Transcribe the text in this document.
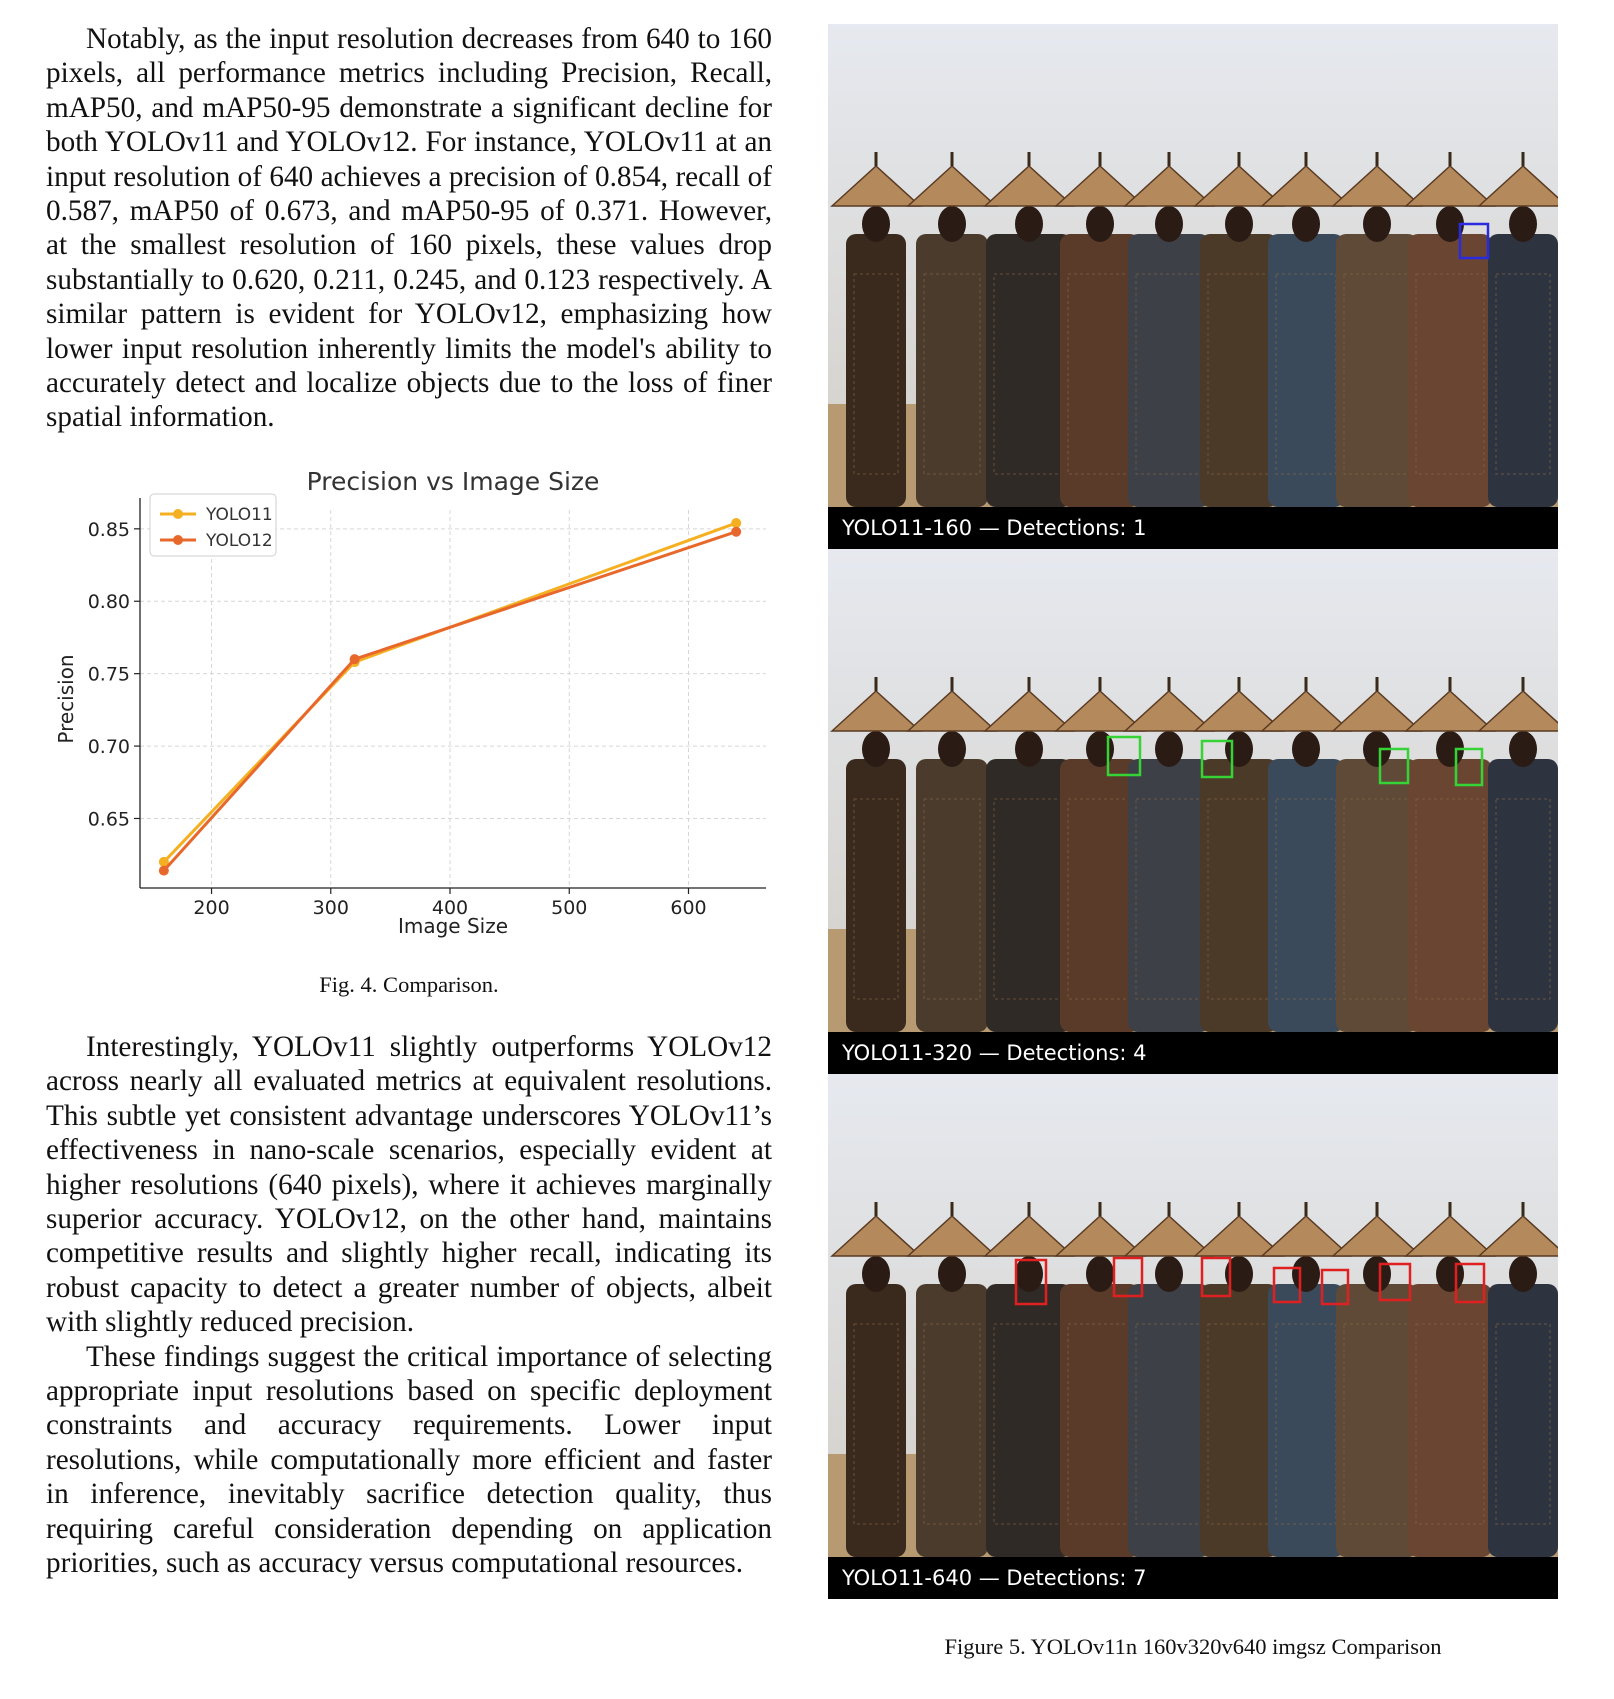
Notably, as the input resolution decreases from 640 to 160 pixels, all performance metrics including Precision, Recall, mAP50, and mAP50-95 demonstrate a significant decline for both YOLOv11 and YOLOv12. For instance, YOLOv11 at an input resolution of 640 achieves a precision of 0.854, recall of 0.587, mAP50 of 0.673, and mAP50-95 of 0.371. However, at the smallest resolution of 160 pixels, these values drop substantially to 0.620, 0.211, 0.245, and 0.123 respectively. A similar pattern is evident for YOLOv12, emphasizing how lower input resolution inherently limits the model's ability to accurately detect and localize objects due to the loss of finer spatial information.

Precision vs Image Size
200	300	400	500	600
0.65
0.70
0.75
0.80
0.85
Image Size
Precision
YOLO11
YOLO12
Fig. 4. Comparison.

Interestingly, YOLOv11 slightly outperforms YOLOv12 across nearly all evaluated metrics at equivalent resolutions. This subtle yet consistent advantage underscores YOLOv11’s effectiveness in nano-scale scenarios, especially evident at higher resolutions (640 pixels), where it achieves marginally superior accuracy. YOLOv12, on the other hand, maintains competitive results and slightly higher recall, indicating its robust capacity to detect a greater number of objects, albeit with slightly reduced precision.

These findings suggest the critical importance of selecting appropriate input resolutions based on specific deployment constraints and accuracy requirements. Lower input resolutions, while computationally more efficient and faster in inference, inevitably sacrifice detection quality, thus requiring careful consideration depending on application priorities, such as accuracy versus computational resources.

YOLO11-160 — Detections: 1
YOLO11-320 — Detections: 4
YOLO11-640 — Detections: 7
Figure 5. YOLOv11n 160v320v640 imgsz Comparison
